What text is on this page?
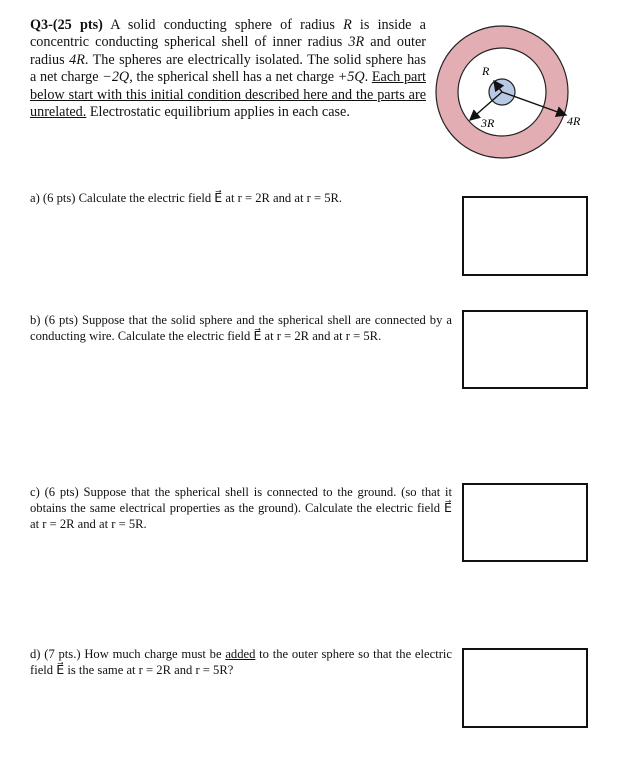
Q3-(25 pts) A solid conducting sphere of radius R is inside a concentric conducting spherical shell of inner radius 3R and outer radius 4R. The spheres are electrically isolated. The solid sphere has a net charge −2Q, the spherical shell has a net charge +5Q. Each part below start with this initial condition described here and the parts are unrelated. Electrostatic equilibrium applies in each case.
R
3R	4R
a) (6 pts) Calculate the electric field E⃗ at r = 2R and at r = 5R.
b) (6 pts) Suppose that the solid sphere and the spherical shell are connected by a conducting wire. Calculate the electric field E⃗ at r = 2R and at r = 5R.
c) (6 pts) Suppose that the spherical shell is connected to the ground. (so that it obtains the same electrical properties as the ground). Calculate the electric field E⃗ at r = 2R and at r = 5R.
d) (7 pts.) How much charge must be added to the outer sphere so that the electric field E⃗ is the same at r = 2R and r = 5R?
